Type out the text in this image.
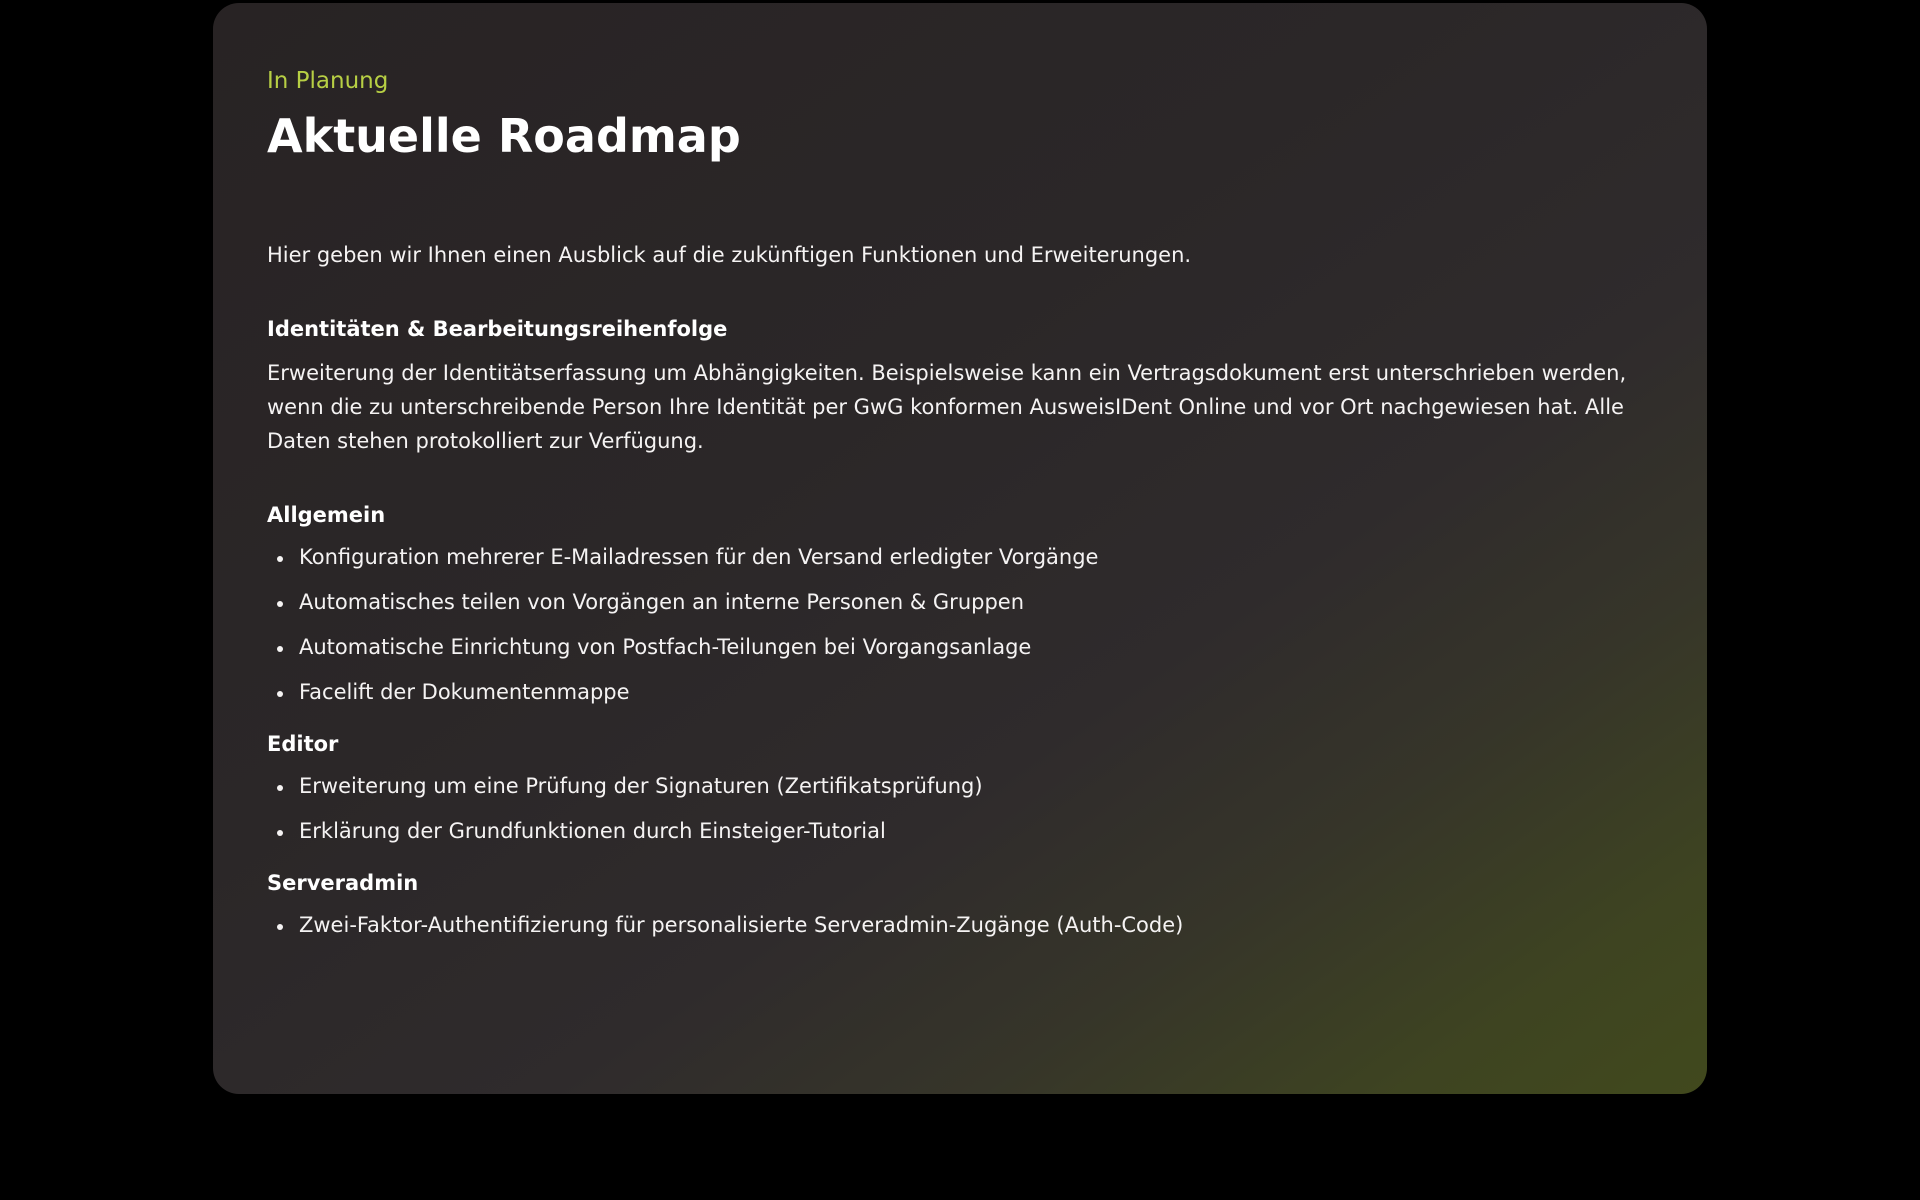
In Planung

Aktuelle Roadmap

Hier geben wir Ihnen einen Ausblick auf die zukünftigen Funktionen und Erweiterungen.

Identitäten & Bearbeitungsreihenfolge

Erweiterung der Identitätserfassung um Abhängigkeiten. Beispielsweise kann ein Vertragsdokument erst unterschrieben werden, wenn die zu unterschreibende Person Ihre Identität per GwG konformen AusweisIDent Online und vor Ort nachgewiesen hat. Alle Daten stehen protokolliert zur Verfügung.

Allgemein
Konfiguration mehrerer E-Mailadressen für den Versand erledigter Vorgänge
Automatisches teilen von Vorgängen an interne Personen & Gruppen
Automatische Einrichtung von Postfach-Teilungen bei Vorgangsanlage
Facelift der Dokumentenmappe
Editor
Erweiterung um eine Prüfung der Signaturen (Zertifikatsprüfung)
Erklärung der Grundfunktionen durch Einsteiger-Tutorial
Serveradmin
Zwei-Faktor-Authentifizierung für personalisierte Serveradmin-Zugänge (Auth-Code)
